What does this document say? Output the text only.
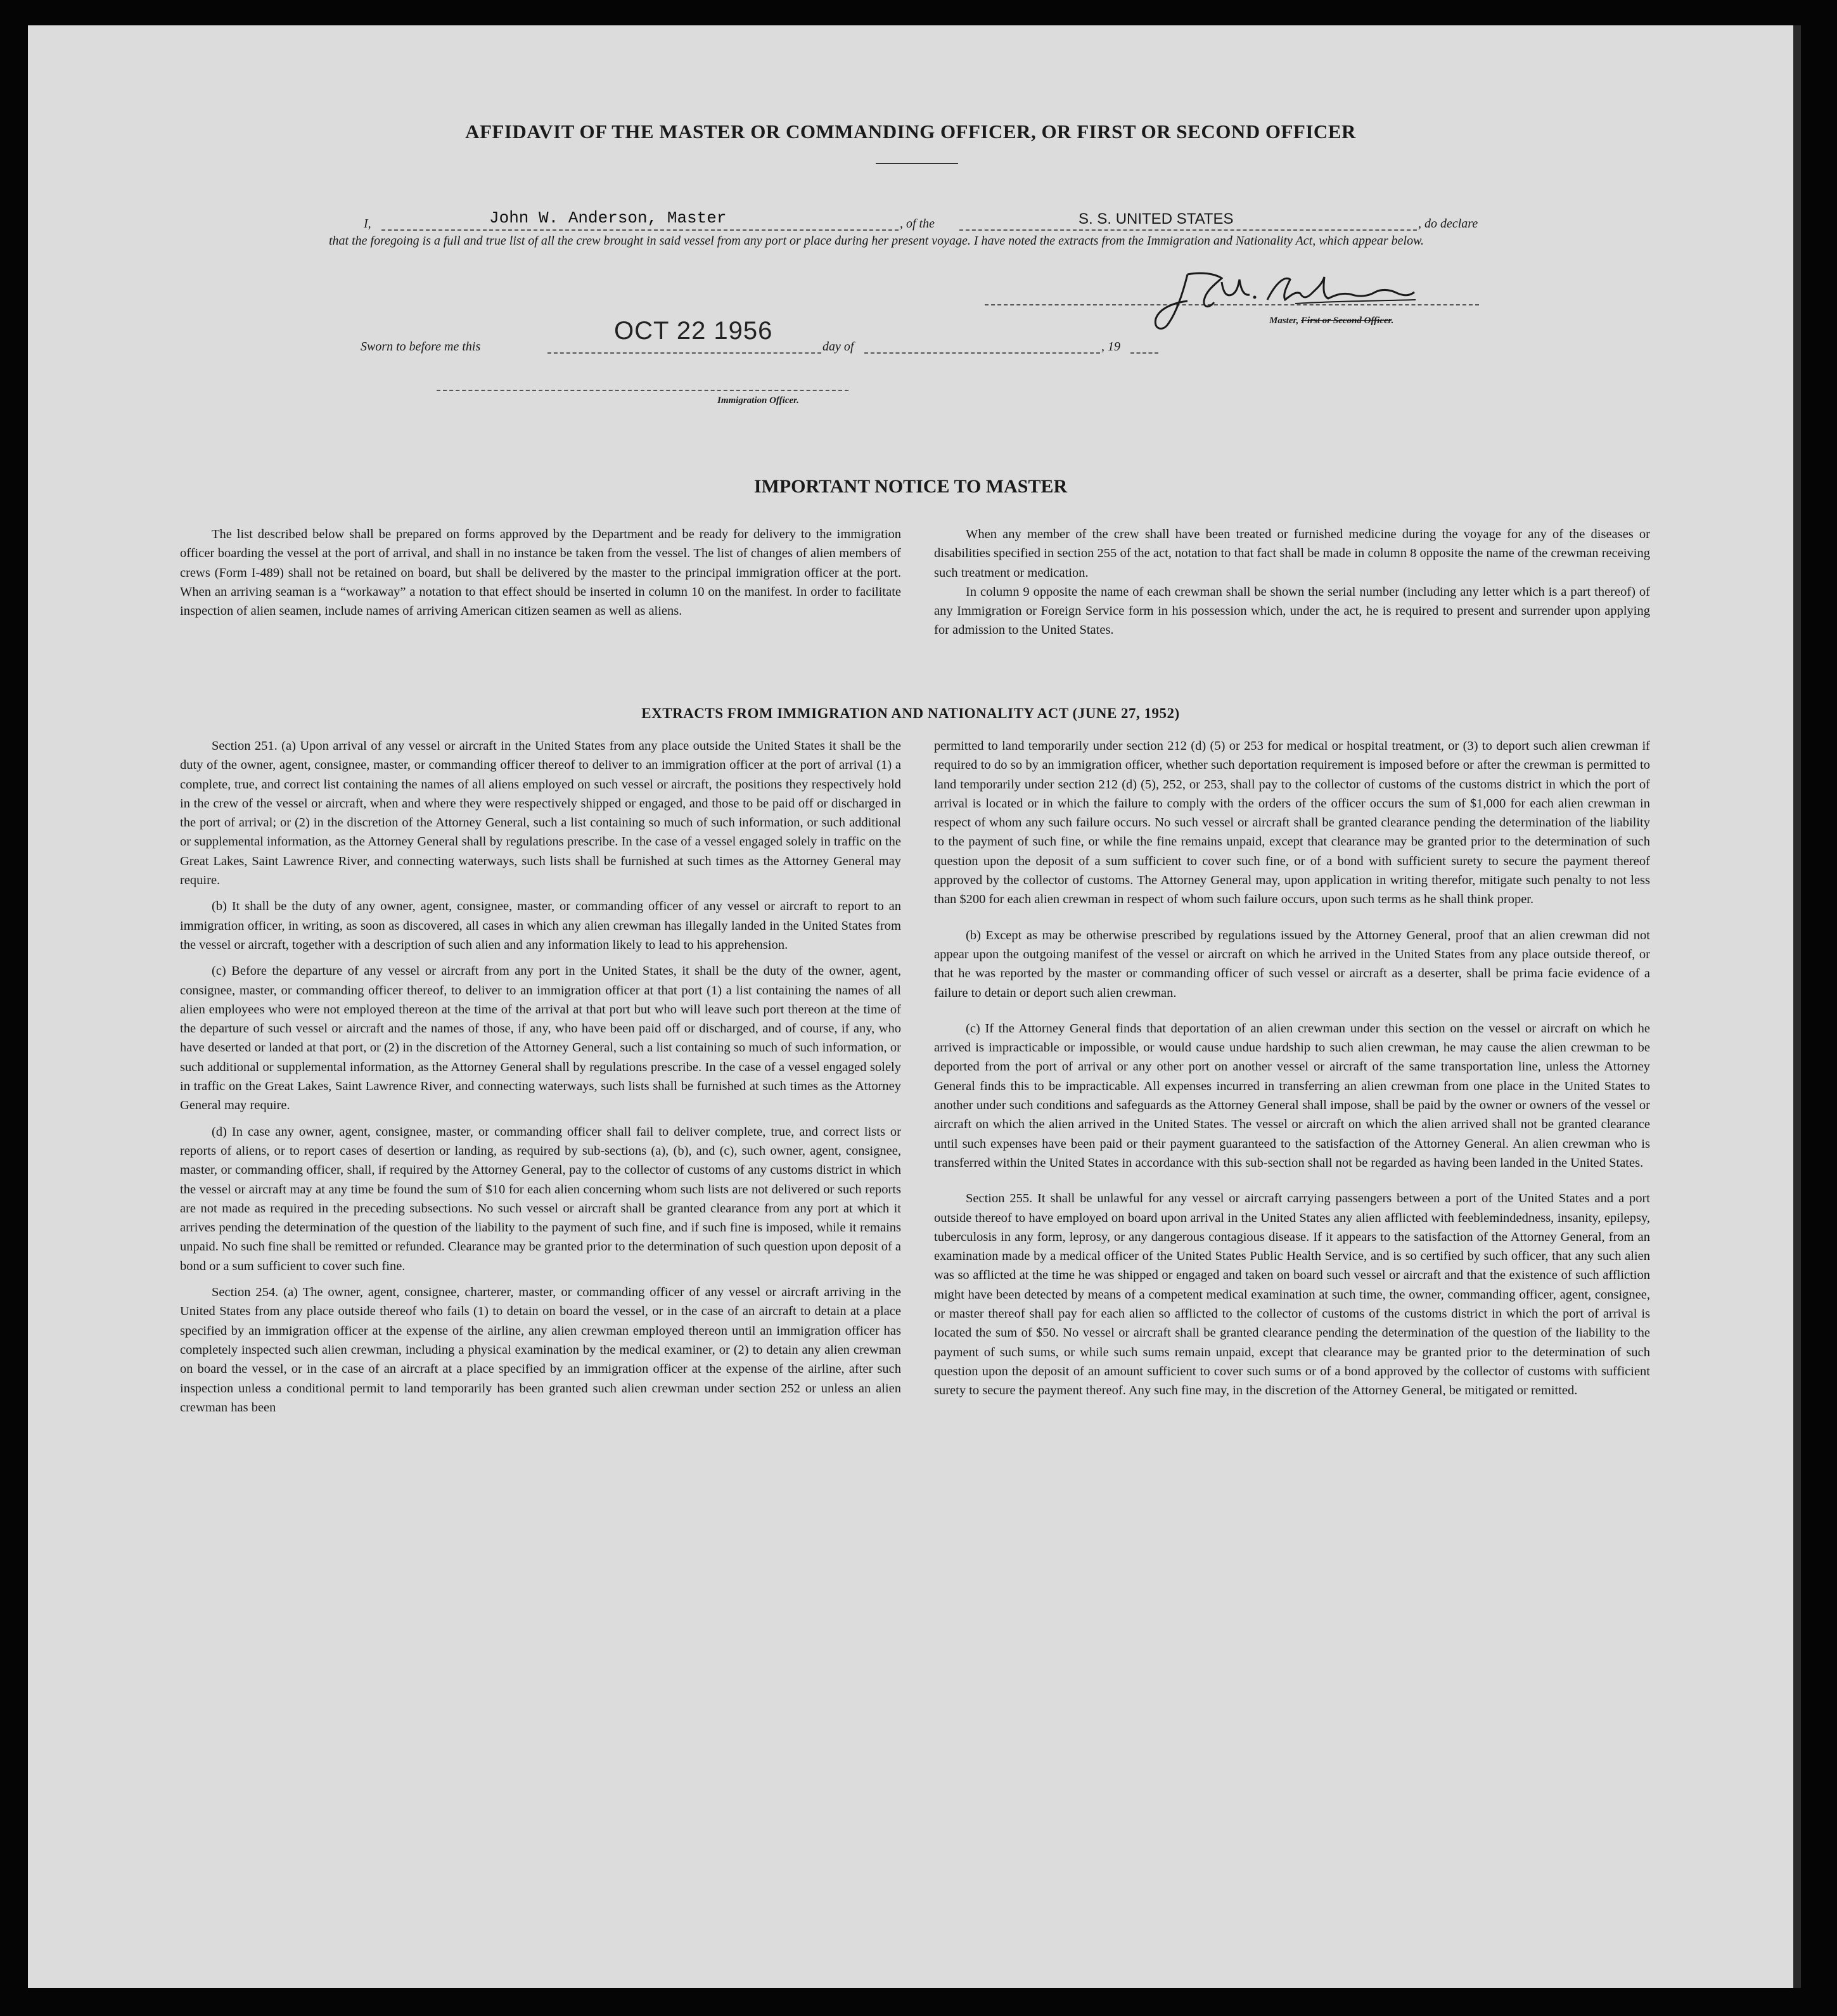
AFFIDAVIT OF THE MASTER OR COMMANDING OFFICER, OR FIRST OR SECOND OFFICER
I,	John W. Anderson, Master	, of the	S. S. UNITED STATES	, do declare
that the foregoing is a full and true list of all the crew brought in said vessel from any port or place during her present voyage. I have noted the extracts from the Immigration and Nationality Act, which appear below.
J.W. Anderson
Master, First or Second Officer.
Sworn to before me this
OCT 22 1956
day of	, 19
Immigration Officer.
IMPORTANT NOTICE TO MASTER

The list described below shall be prepared on forms approved by the Department and be ready for delivery to the immigration officer boarding the vessel at the port of arrival, and shall in no instance be taken from the vessel. The list of changes of alien members of crews (Form I-489) shall not be retained on board, but shall be delivered by the master to the principal immigration officer at the port. When an arriving seaman is a “workaway” a notation to that effect should be inserted in column 10 on the manifest. In order to facilitate inspection of alien seamen, include names of arriving American citizen seamen as well as aliens.

When any member of the crew shall have been treated or furnished medicine during the voyage for any of the diseases or disabilities specified in section 255 of the act, notation to that fact shall be made in column 8 opposite the name of the crewman receiving such treatment or medication.

In column 9 opposite the name of each crewman shall be shown the serial number (including any letter which is a part thereof) of any Immigration or Foreign Service form in his possession which, under the act, he is required to present and surrender upon applying for admission to the United States.

EXTRACTS FROM IMMIGRATION AND NATIONALITY ACT (JUNE 27, 1952)

Section 251. (a) Upon arrival of any vessel or aircraft in the United States from any place outside the United States it shall be the duty of the owner, agent, consignee, master, or commanding officer thereof to deliver to an immigration officer at the port of arrival (1) a complete, true, and correct list containing the names of all aliens employed on such vessel or aircraft, the positions they respectively hold in the crew of the vessel or aircraft, when and where they were respectively shipped or engaged, and those to be paid off or discharged in the port of arrival; or (2) in the discretion of the Attorney General, such a list containing so much of such information, or such additional or supplemental information, as the Attorney General shall by regulations prescribe. In the case of a vessel engaged solely in traffic on the Great Lakes, Saint Lawrence River, and connecting waterways, such lists shall be furnished at such times as the Attorney General may require.

(b) It shall be the duty of any owner, agent, consignee, master, or commanding officer of any vessel or aircraft to report to an immigration officer, in writing, as soon as discovered, all cases in which any alien crewman has illegally landed in the United States from the vessel or aircraft, together with a description of such alien and any information likely to lead to his apprehension.

(c) Before the departure of any vessel or aircraft from any port in the United States, it shall be the duty of the owner, agent, consignee, master, or commanding officer thereof, to deliver to an immigration officer at that port (1) a list containing the names of all alien employees who were not employed thereon at the time of the arrival at that port but who will leave such port thereon at the time of the departure of such vessel or aircraft and the names of those, if any, who have been paid off or discharged, and of course, if any, who have deserted or landed at that port, or (2) in the discretion of the Attorney General, such a list containing so much of such information, or such additional or supplemental information, as the Attorney General shall by regulations prescribe. In the case of a vessel engaged solely in traffic on the Great Lakes, Saint Lawrence River, and connecting waterways, such lists shall be furnished at such times as the Attorney General may require.

(d) In case any owner, agent, consignee, master, or commanding officer shall fail to deliver complete, true, and correct lists or reports of aliens, or to report cases of desertion or landing, as required by sub-sections (a), (b), and (c), such owner, agent, consignee, master, or commanding officer, shall, if required by the Attorney General, pay to the collector of customs of any customs district in which the vessel or aircraft may at any time be found the sum of $10 for each alien concerning whom such lists are not delivered or such reports are not made as required in the preceding subsections. No such vessel or aircraft shall be granted clearance from any port at which it arrives pending the determination of the question of the liability to the payment of such fine, and if such fine is imposed, while it remains unpaid. No such fine shall be remitted or refunded. Clearance may be granted prior to the determination of such question upon deposit of a bond or a sum sufficient to cover such fine.

Section 254. (a) The owner, agent, consignee, charterer, master, or commanding officer of any vessel or aircraft arriving in the United States from any place outside thereof who fails (1) to detain on board the vessel, or in the case of an aircraft to detain at a place specified by an immigration officer at the expense of the airline, any alien crewman employed thereon until an immigration officer has completely inspected such alien crewman, including a physical examination by the medical examiner, or (2) to detain any alien crewman on board the vessel, or in the case of an aircraft at a place specified by an immigration officer at the expense of the airline, after such inspection unless a conditional permit to land temporarily has been granted such alien crewman under section 252 or unless an alien crewman has been

permitted to land temporarily under section 212 (d) (5) or 253 for medical or hospital treatment, or (3) to deport such alien crewman if required to do so by an immigration officer, whether such deportation requirement is imposed before or after the crewman is permitted to land temporarily under section 212 (d) (5), 252, or 253, shall pay to the collector of customs of the customs district in which the port of arrival is located or in which the failure to comply with the orders of the officer occurs the sum of $1,000 for each alien crewman in respect of whom any such failure occurs. No such vessel or aircraft shall be granted clearance pending the determination of the liability to the payment of such fine, or while the fine remains unpaid, except that clearance may be granted prior to the determination of such question upon the deposit of a sum sufficient to cover such fine, or of a bond with sufficient surety to secure the payment thereof approved by the collector of customs. The Attorney General may, upon application in writing therefor, mitigate such penalty to not less than $200 for each alien crewman in respect of whom such failure occurs, upon such terms as he shall think proper.

(b) Except as may be otherwise prescribed by regulations issued by the Attorney General, proof that an alien crewman did not appear upon the outgoing manifest of the vessel or aircraft on which he arrived in the United States from any place outside thereof, or that he was reported by the master or commanding officer of such vessel or aircraft as a deserter, shall be prima facie evidence of a failure to detain or deport such alien crewman.

(c) If the Attorney General finds that deportation of an alien crewman under this section on the vessel or aircraft on which he arrived is impracticable or impossible, or would cause undue hardship to such alien crewman, he may cause the alien crewman to be deported from the port of arrival or any other port on another vessel or aircraft of the same transportation line, unless the Attorney General finds this to be impracticable. All expenses incurred in transferring an alien crewman from one place in the United States to another under such conditions and safeguards as the Attorney General shall impose, shall be paid by the owner or owners of the vessel or aircraft on which the alien arrived in the United States. The vessel or aircraft on which the alien arrived shall not be granted clearance until such expenses have been paid or their payment guaranteed to the satisfaction of the Attorney General. An alien crewman who is transferred within the United States in accordance with this sub-section shall not be regarded as having been landed in the United States.

Section 255. It shall be unlawful for any vessel or aircraft carrying passengers between a port of the United States and a port outside thereof to have employed on board upon arrival in the United States any alien afflicted with feeblemindedness, insanity, epilepsy, tuberculosis in any form, leprosy, or any dangerous contagious disease. If it appears to the satisfaction of the Attorney General, from an examination made by a medical officer of the United States Public Health Service, and is so certified by such officer, that any such alien was so afflicted at the time he was shipped or engaged and taken on board such vessel or aircraft and that the existence of such affliction might have been detected by means of a competent medical examination at such time, the owner, commanding officer, agent, consignee, or master thereof shall pay for each alien so afflicted to the collector of customs of the customs district in which the port of arrival is located the sum of $50. No vessel or aircraft shall be granted clearance pending the determination of the question of the liability to the payment of such sums, or while such sums remain unpaid, except that clearance may be granted prior to the determination of such question upon the deposit of an amount sufficient to cover such sums or of a bond approved by the collector of customs with sufficient surety to secure the payment thereof. Any such fine may, in the discretion of the Attorney General, be mitigated or remitted.
